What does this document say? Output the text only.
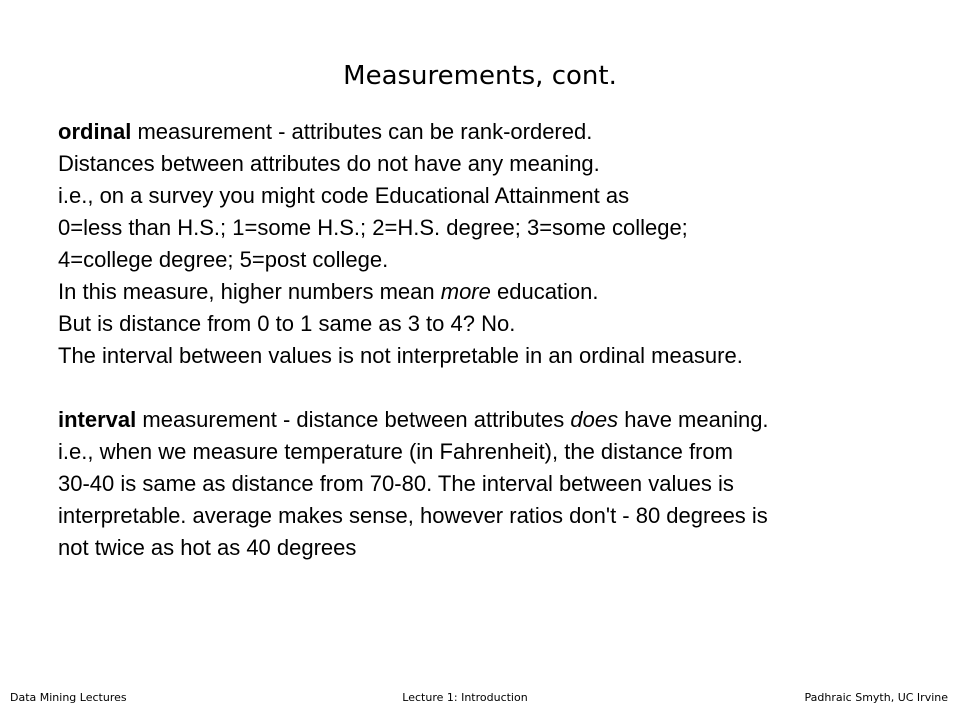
Measurements, cont.
ordinal measurement - attributes can be rank-ordered.
Distances between attributes do not have any meaning.
i.e., on a survey you might code Educational Attainment as
0=less than H.S.; 1=some H.S.; 2=H.S. degree; 3=some college;
4=college degree; 5=post college.
In this measure, higher numbers mean more education.
But is distance from 0 to 1 same as 3 to 4? No.
The interval between values is not interpretable in an ordinal measure.
interval measurement - distance between attributes does have meaning.
i.e., when we measure temperature (in Fahrenheit), the distance from
30-40 is same as distance from 70-80. The interval between values is
interpretable. average makes sense, however ratios don't - 80 degrees is
not twice as hot as 40 degrees
Data Mining Lectures	Lecture 1: Introduction	Padhraic Smyth, UC Irvine
